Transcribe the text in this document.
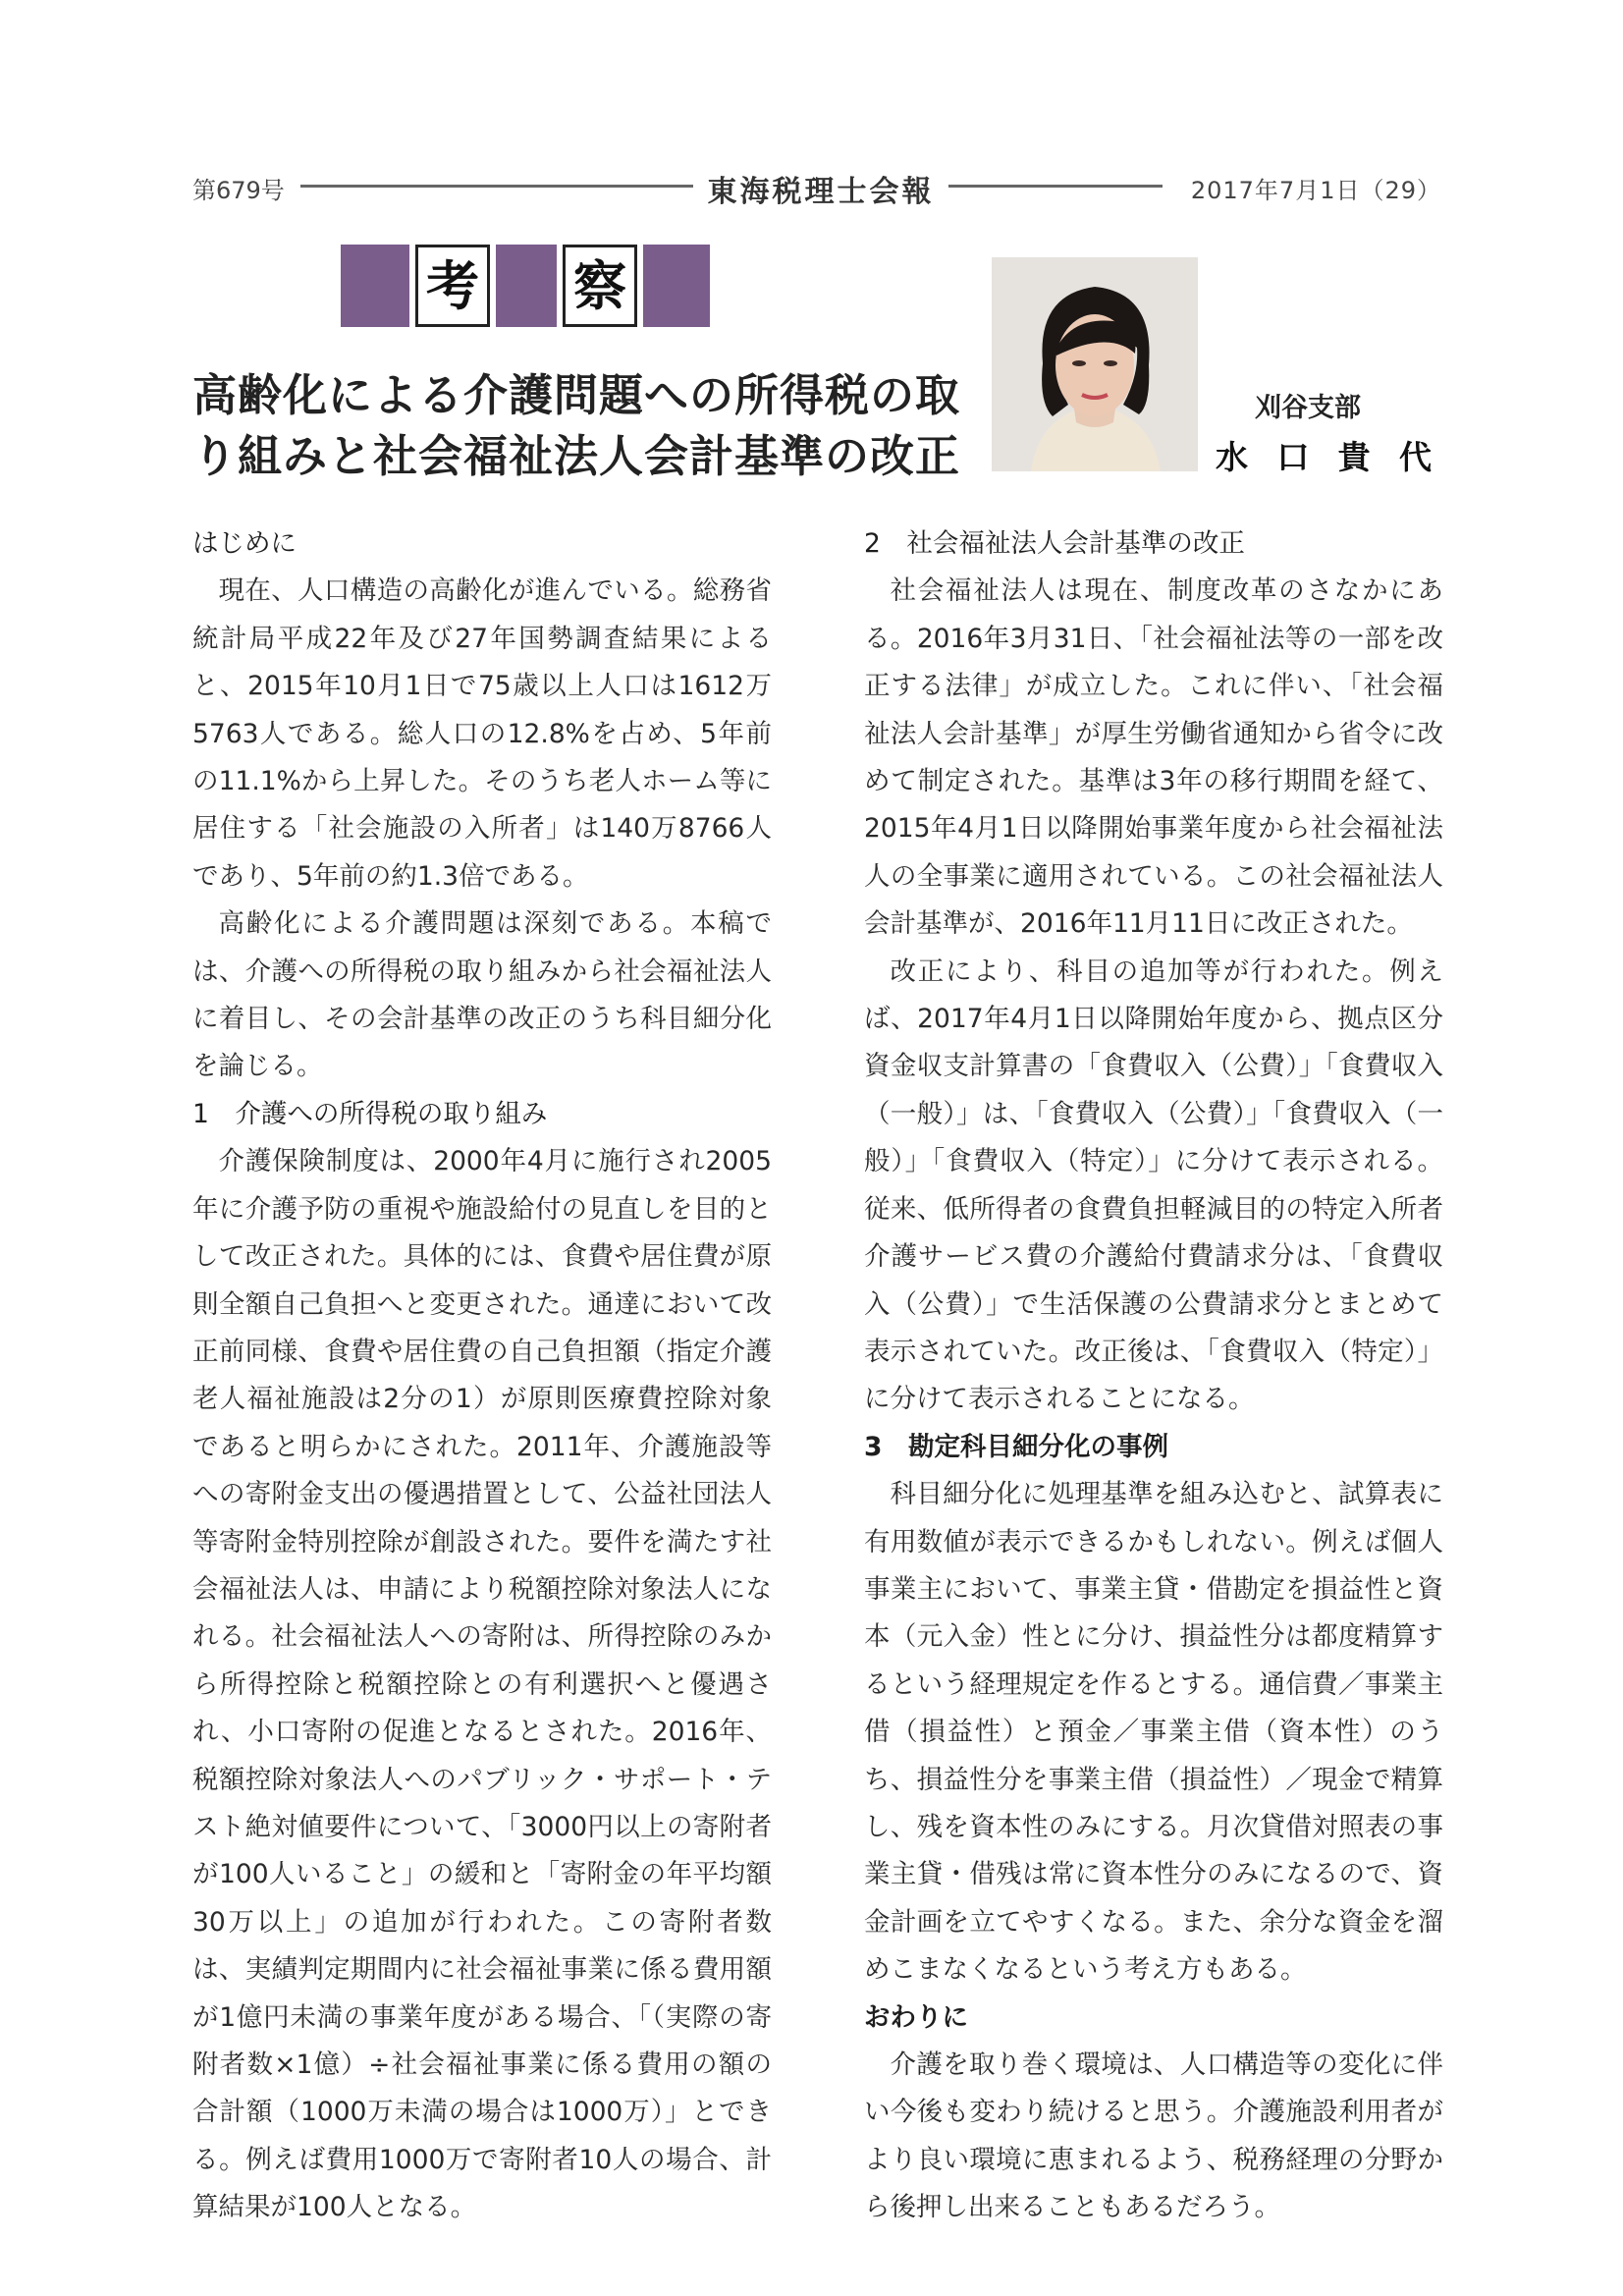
第679号	東海税理士会報	2017年7月1日（29）
考 察
高齢化による介護問題への所得税の取
り組みと社会福祉法人会計基準の改正
刈谷支部
水 口 貴 代
はじめに

現在、人口構造の高齢化が進んでいる。総務省統計局平成22年及び27年国勢調査結果によると、2015年10月1日で75歳以上人口は1612万5763人である。総人口の12.8%を占め、5年前の11.1%から上昇した。そのうち老人ホーム等に居住する「社会施設の入所者」は140万8766人であり、5年前の約1.3倍である。

高齢化による介護問題は深刻である。本稿では、介護への所得税の取り組みから社会福祉法人に着目し、その会計基準の改正のうち科目細分化を論じる。

1　介護への所得税の取り組み

介護保険制度は、2000年4月に施行され2005年に介護予防の重視や施設給付の見直しを目的として改正された。具体的には、食費や居住費が原則全額自己負担へと変更された。通達において改正前同様、食費や居住費の自己負担額（指定介護老人福祉施設は2分の1）が原則医療費控除対象であると明らかにされた。2011年、介護施設等への寄附金支出の優遇措置として、公益社団法人等寄附金特別控除が創設された。要件を満たす社会福祉法人は、申請により税額控除対象法人になれる。社会福祉法人への寄附は、所得控除のみから所得控除と税額控除との有利選択へと優遇され、小口寄附の促進となるとされた。2016年、税額控除対象法人へのパブリック・サポート・テスト絶対値要件について、「3000円以上の寄附者が100人いること」の緩和と「寄附金の年平均額30万以上」の追加が行われた。この寄附者数は、実績判定期間内に社会福祉事業に係る費用額が1億円未満の事業年度がある場合、「（実際の寄附者数×1億）÷社会福祉事業に係る費用の額の合計額（1000万未満の場合は1000万）」とできる。例えば費用1000万で寄附者10人の場合、計算結果が100人となる。

2　社会福祉法人会計基準の改正

社会福祉法人は現在、制度改革のさなかにある。2016年3月31日、「社会福祉法等の一部を改正する法律」が成立した。これに伴い、「社会福祉法人会計基準」が厚生労働省通知から省令に改めて制定された。基準は3年の移行期間を経て、2015年4月1日以降開始事業年度から社会福祉法人の全事業に適用されている。この社会福祉法人会計基準が、2016年11月11日に改正された。

改正により、科目の追加等が行われた。例えば、2017年4月1日以降開始年度から、拠点区分資金収支計算書の「食費収入（公費）」「食費収入（一般）」は、「食費収入（公費）」「食費収入（一般）」「食費収入（特定）」に分けて表示される。従来、低所得者の食費負担軽減目的の特定入所者介護サービス費の介護給付費請求分は、「食費収入（公費）」で生活保護の公費請求分とまとめて表示されていた。改正後は、「食費収入（特定）」に分けて表示されることになる。

3　勘定科目細分化の事例

科目細分化に処理基準を組み込むと、試算表に有用数値が表示できるかもしれない。例えば個人事業主において、事業主貸・借勘定を損益性と資本（元入金）性とに分け、損益性分は都度精算するという経理規定を作るとする。通信費／事業主借（損益性）と預金／事業主借（資本性）のうち、損益性分を事業主借（損益性）／現金で精算し、残を資本性のみにする。月次貸借対照表の事業主貸・借残は常に資本性分のみになるので、資金計画を立てやすくなる。また、余分な資金を溜めこまなくなるという考え方もある。

おわりに

介護を取り巻く環境は、人口構造等の変化に伴い今後も変わり続けると思う。介護施設利用者がより良い環境に恵まれるよう、税務経理の分野から後押し出来ることもあるだろう。
